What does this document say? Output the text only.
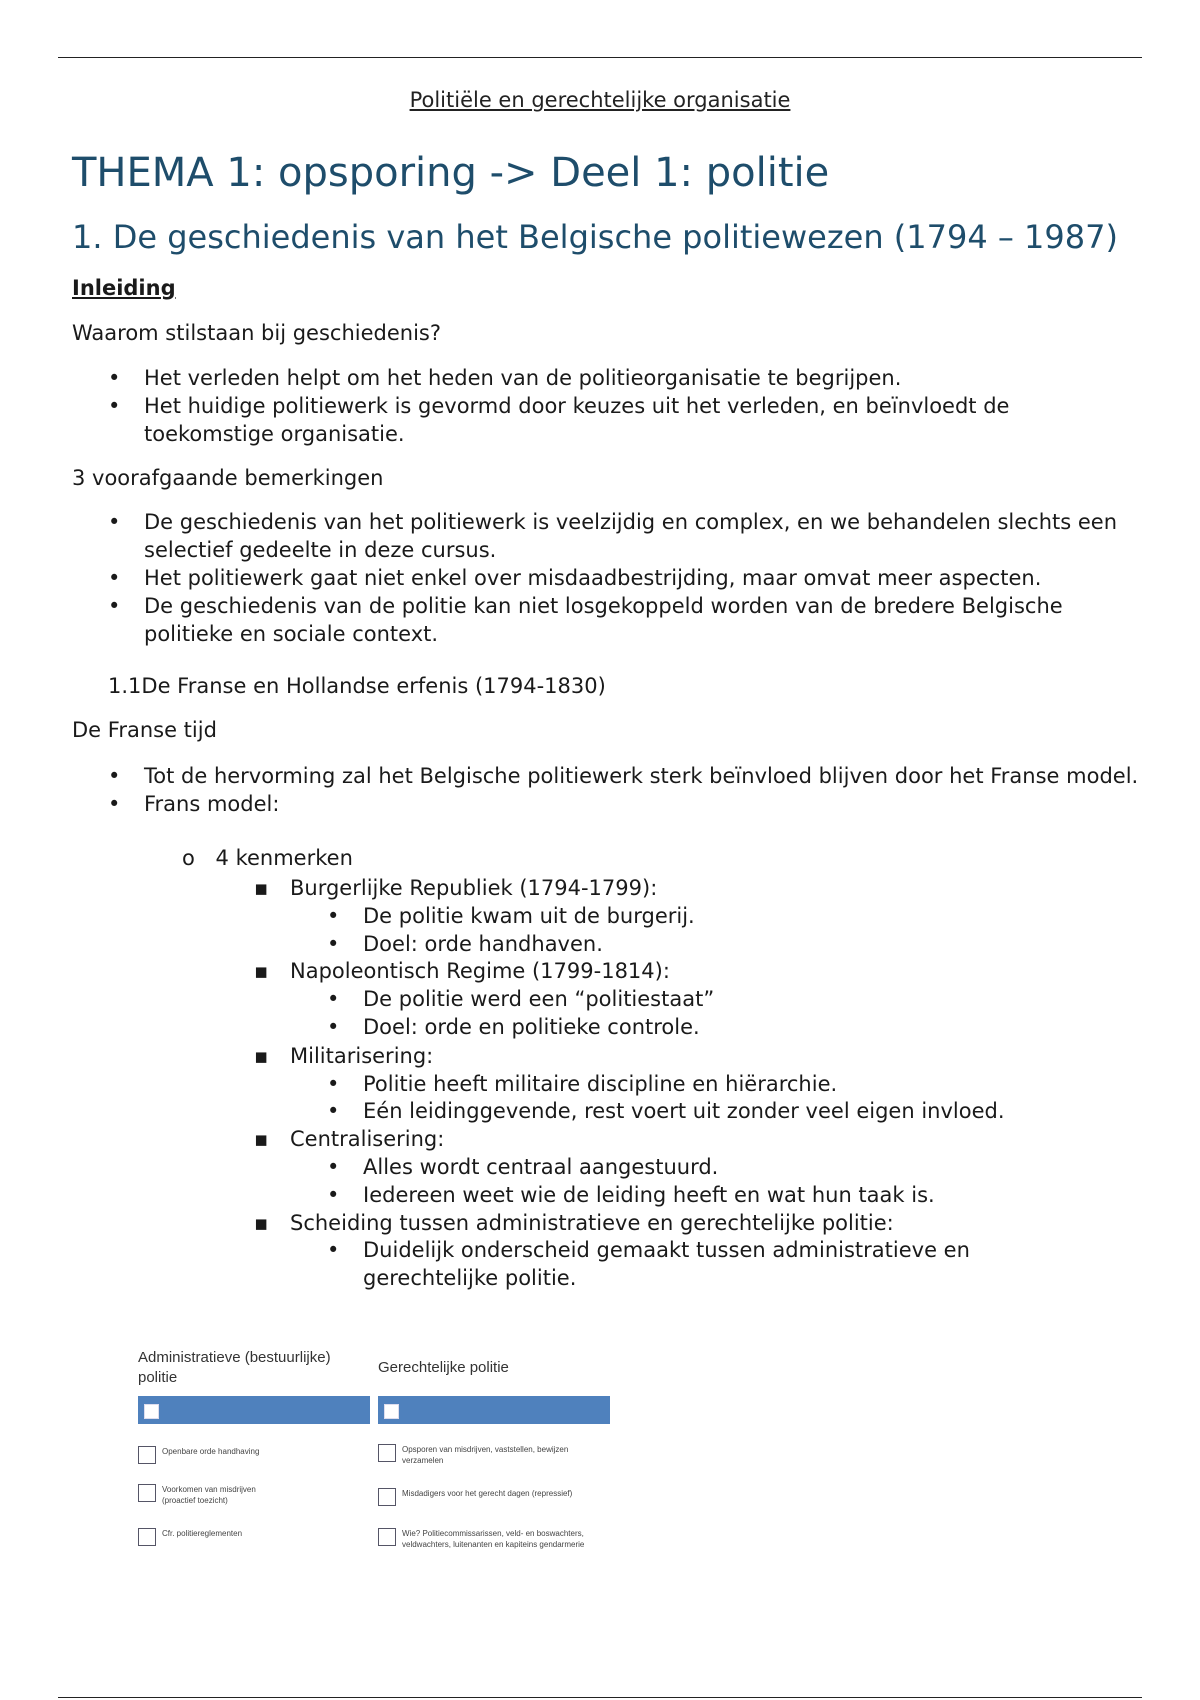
Politiële en gerechtelijke organisatie
THEMA 1: opsporing -> Deel 1: politie
1. De geschiedenis van het Belgische politiewezen (1794 – 1987)
Inleiding
Waarom stilstaan bij geschiedenis?
• Het verleden helpt om het heden van de politieorganisatie te begrijpen.
• Het huidige politiewerk is gevormd door keuzes uit het verleden, en beïnvloedt de toekomstige organisatie.
3 voorafgaande bemerkingen
• De geschiedenis van het politiewerk is veelzijdig en complex, en we behandelen slechts een selectief gedeelte in deze cursus.
• Het politiewerk gaat niet enkel over misdaadbestrijding, maar omvat meer aspecten.
• De geschiedenis van de politie kan niet losgekoppeld worden van de bredere Belgische politieke en sociale context.
1.1De Franse en Hollandse erfenis (1794-1830)
De Franse tijd
• Tot de hervorming zal het Belgische politiewerk sterk beïnvloed blijven door het Franse model.
• Frans model:
o 4 kenmerken
▪ Burgerlijke Republiek (1794-1799):
• De politie kwam uit de burgerij.
• Doel: orde handhaven.
▪ Napoleontisch Regime (1799-1814):
• De politie werd een “politiestaat”
• Doel: orde en politieke controle.
▪ Militarisering:
• Politie heeft militaire discipline en hiërarchie.
• Eén leidinggevende, rest voert uit zonder veel eigen invloed.
▪ Centralisering:
• Alles wordt centraal aangestuurd.
• Iedereen weet wie de leiding heeft en wat hun taak is.
▪ Scheiding tussen administratieve en gerechtelijke politie:
• Duidelijk onderscheid gemaakt tussen administratieve en gerechtelijke politie.
Administratieve (bestuurlijke) politie
Openbare orde handhaving
Voorkomen van misdrijven (proactief toezicht)
Cfr. politiereglementen
Gerechtelijke politie
Opsporen van misdrijven, vaststellen, bewijzen verzamelen
Misdadigers voor het gerecht dagen (repressief)
Wie? Politiecommissarissen, veld- en boswachters, veldwachters, luitenanten en kapiteins gendarmerie
